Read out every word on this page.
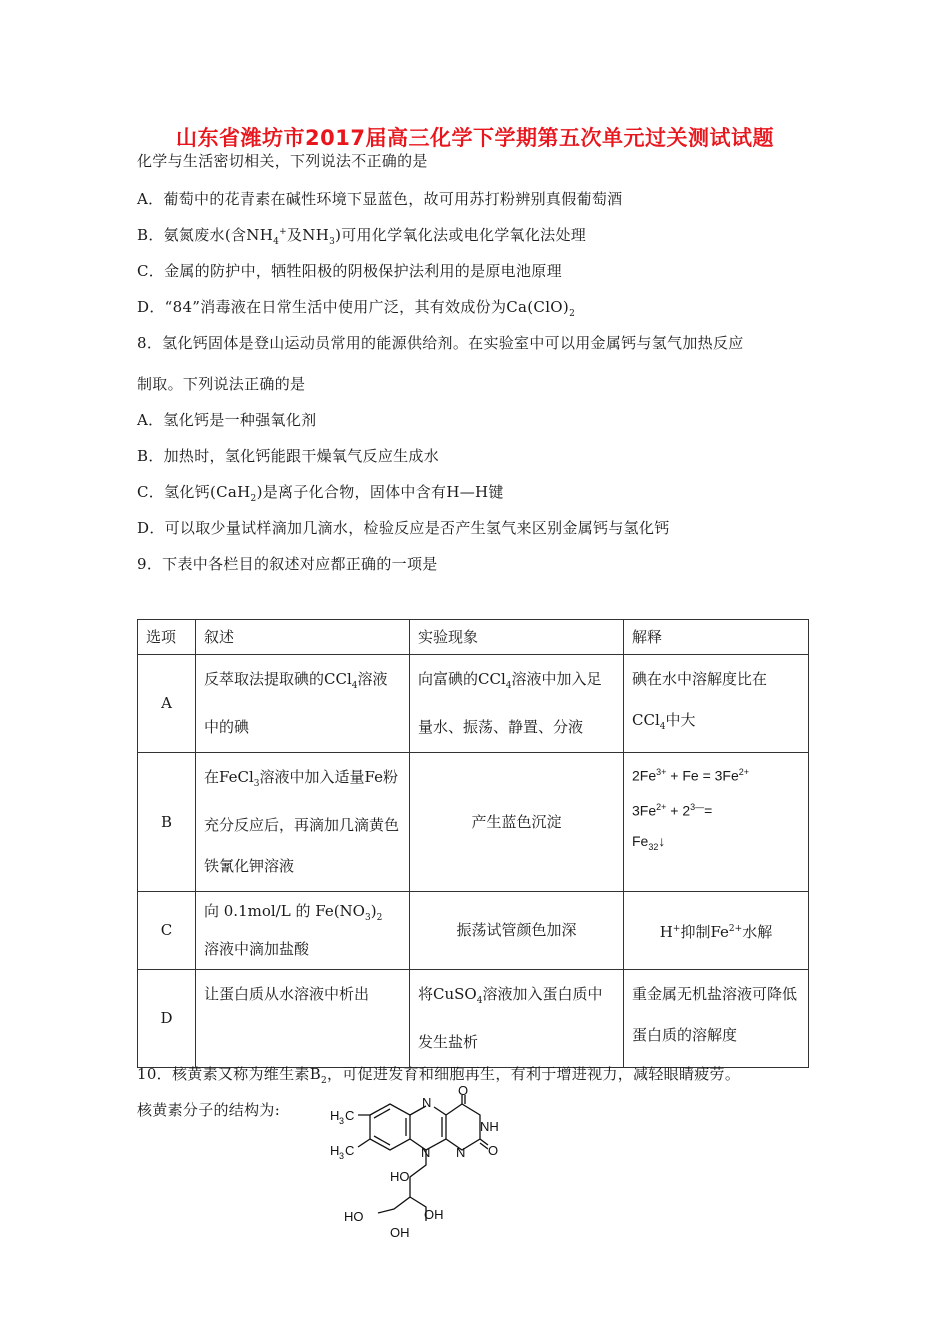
山东省潍坊市2017届高三化学下学期第五次单元过关测试试题
化学与生活密切相关，下列说法不正确的是
A．葡萄中的花青素在碱性环境下显蓝色，故可用苏打粉辨别真假葡萄酒
B．氨氮废水(含$NH_4^+$及$NH_3$)可用化学氧化法或电化学氧化法处理
C．金属的防护中，牺牲阳极的阴极保护法利用的是原电池原理
D．“84”消毒液在日常生活中使用广泛，其有效成份为$Ca(ClO)_2$
8．氢化钙固体是登山运动员常用的能源供给剂。在实验室中可以用金属钙与氢气加热反应
制取。下列说法正确的是
A．氢化钙是一种强氧化剂
B．加热时，氢化钙能跟干燥氧气反应生成水
C．氢化钙(CaH$_2$)是离子化合物，固体中含有H—H键
D．可以取少量试样滴加几滴水，检验反应是否产生氢气来区别金属钙与氢化钙
9．下表中各栏目的叙述对应都正确的一项是
选项	叙述	实验现象	解释
A	反萃取法提取碘的CCl$_4$溶液中的碘	向富碘的CCl$_4$溶液中加入足量水、振荡、静置、分液	碘在水中溶解度比在CCl$_4$中大
B	在FeCl$_3$溶液中加入适量Fe粉充分反应后，再滴加几滴黄色铁氰化钾溶液	产生蓝色沉淀	$2Fe^{3+} + Fe = 3Fe^{2+}$
$3Fe^{2+} + 2^{3—}=$
$Fe_{32}↓$

C	向 0.1mol/L 的 $Fe(NO_3)_2$ 溶液中滴加盐酸	振荡试管颜色加深	H+抑制$Fe^{2+}$水解
D	让蛋白质从水溶液中析出	将CuSO$_4$溶液加入蛋白质中发生盐析	重金属无机盐溶液可降低蛋白质的溶解度
10．核黄素又称为维生素$B_2$，可促进发育和细胞再生，有利于增进视力，减轻眼睛疲劳。
核黄素分子的结构为:	H 3 C
H 3 C
N
O
NH
N N O
HO
HO	OH
OH
